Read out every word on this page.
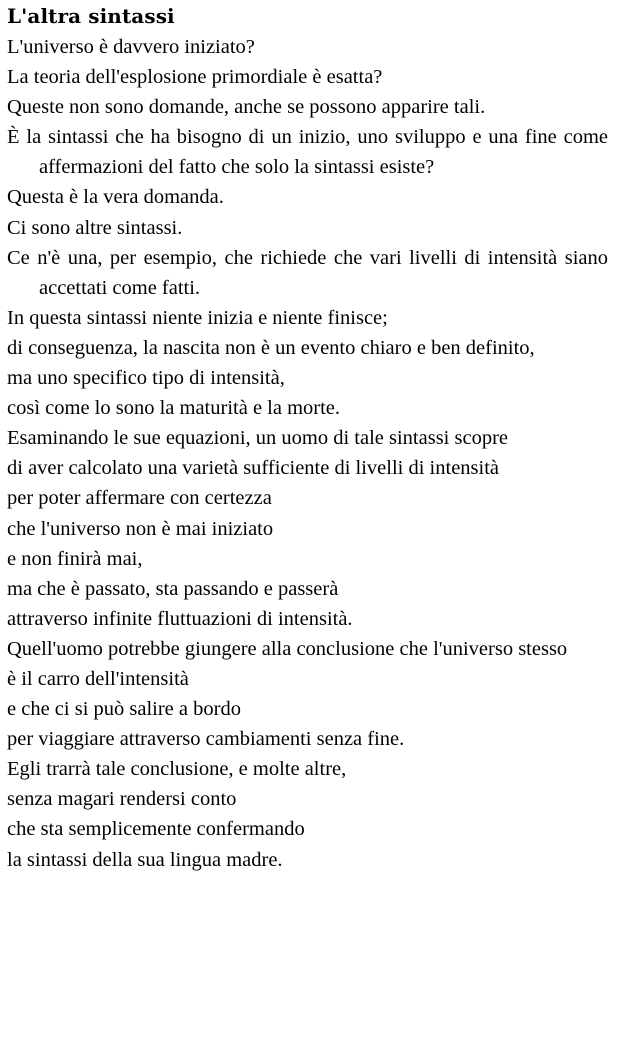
L'altra sintassi
L'universo è davvero iniziato?
La teoria dell'esplosione primordiale è esatta?
Queste non sono domande, anche se possono apparire tali.
È la sintassi che ha bisogno di un inizio, uno sviluppo e una fine come affermazioni del fatto che solo la sintassi esiste?
Questa è la vera domanda.
Ci sono altre sintassi.
Ce n'è una, per esempio, che richiede che vari livelli di intensità siano accettati come fatti.
In questa sintassi niente inizia e niente finisce;
di conseguenza, la nascita non è un evento chiaro e ben definito,
ma uno specifico tipo di intensità,
così come lo sono la maturità e la morte.
Esaminando le sue equazioni, un uomo di tale sintassi scopre
di aver calcolato una varietà sufficiente di livelli di intensità
per poter affermare con certezza
che l'universo non è mai iniziato
e non finirà mai,
ma che è passato, sta passando e passerà
attraverso infinite fluttuazioni di intensità.
Quell'uomo potrebbe giungere alla conclusione che l'universo stesso
è il carro dell'intensità
e che ci si può salire a bordo
per viaggiare attraverso cambiamenti senza fine.
Egli trarrà tale conclusione, e molte altre,
senza magari rendersi conto
che sta semplicemente confermando
la sintassi della sua lingua madre.
